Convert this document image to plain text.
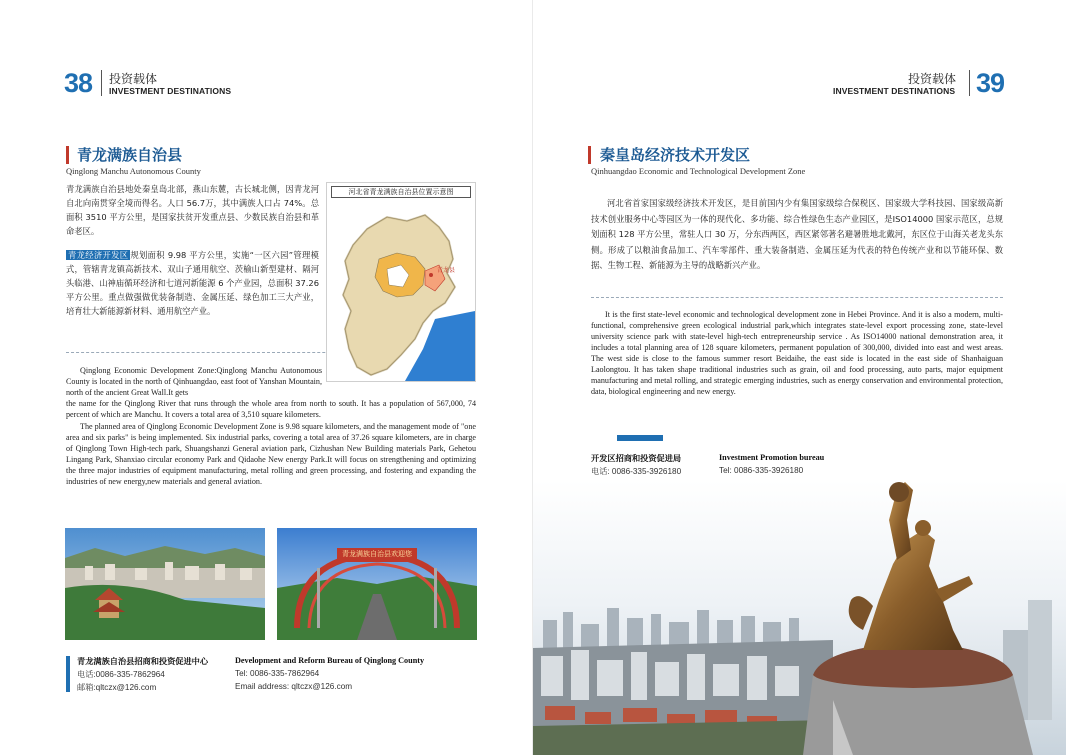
38 投资载体
INVESTMENT DESTINATIONS
青龙满族自治县
Qinglong Manchu Autonomous County
青龙满族自治县地处秦皇岛北部，燕山东麓，古长城北侧，因青龙河自北向南贯穿全境而得名。人口 56.7万，其中满族人口占 74%。总面积 3510 平方公里，是国家扶贫开发重点县、少数民族自治县和革命老区。
青龙经济开发区 规划面积 9.98 平方公里，实施“一区六园”管理模式，管辖青龙镇高新技术、双山子通用航空、茨榆山新型建材、隔河头临港、山神庙循环经济和七道河新能源 6 个产业园，总面积 37.26 平方公里。重点做强做优装备制造、金属压延、绿色加工三大产业，培育壮大新能源新材料、通用航空产业。
河北省青龙满族自治县位置示意图
青龙县
Qinglong Economic Development Zone:Qinglong Manchu Autonomous County is located in the north of Qinhuangdao, east foot of Yanshan Mountain, north of the ancient Great Wall.It gets
the name for the Qinglong River that runs through the whole area from north to south. It has a population of 567,000, 74 percent of which are Manchu. It covers a total area of 3,510 square kilometers.

The planned area of Qinglong Economic Development Zone is 9.98 square kilometers, and the management mode of "one area and six parks" is being implemented. Six industrial parks, covering a total area of 37.26 square kilometers, are in charge of Qinglong Town High-tech park, Shuangshanzi General aviation park, Cizhushan New Building materials Park, Gehetou Lingang Park, Shanxiao circular economy Park and Qidaohe New energy Park.It will focus on strengthening and optimizing the three major industries of equipment manufacturing, metal rolling and green processing, and fostering and expanding the industries of new energy,new materials and general aviation.

青龙满族自治县欢迎您
青龙满族自治县招商和投资促进中心
电话:0086-335-7862964
邮箱:qltczx@126.com
Development and Reform Bureau of Qinglong County
Tel: 0086-335-7862964
Email address: qltczx@126.com
投资载体
INVESTMENT DESTINATIONS 39
秦皇岛经济技术开发区
Qinhuangdao Economic and Technological Development Zone
河北省首家国家级经济技术开发区，是目前国内少有集国家级综合保税区、国家级大学科技园、国家级高新技术创业服务中心等园区为一体的现代化、多功能、综合性绿色生态产业园区，是ISO14000 国家示范区，总规划面积 128 平方公里，常驻人口 30 万，分东西两区，西区紧邻著名避暑胜地北戴河，东区位于山海关老龙头东侧。形成了以粮油食品加工、汽车零部件、重大装备制造、金属压延为代表的特色传统产业和以节能环保、数据、生物工程、新能源为主导的战略新兴产业。

It is the first state-level economic and technological development zone in Hebei Province. And it is also a modern, multi-functional, comprehensive green ecological industrial park,which integrates state-level export processing zone, state-level university science park with state-level high-tech entrepreneurship service . As ISO14000 national demonstration area, it includes a total planning area of 128 square kilometers, permanent population of 300,000, divided into east and west areas. The west side is close to the famous summer resort Beidaihe, the east side is located in the east side of Shanhaiguan Laolongtou. It has taken shape traditional industries such as grain, oil and food processing, auto parts, major equipment manufacturing and metal rolling, and strategic emerging industries, such as energy conservation and environmental protection, data, biological engineering and new energy.

开发区招商和投资促进局
电话: 0086-335-3926180
Investment Promotion bureau
Tel: 0086-335-3926180
